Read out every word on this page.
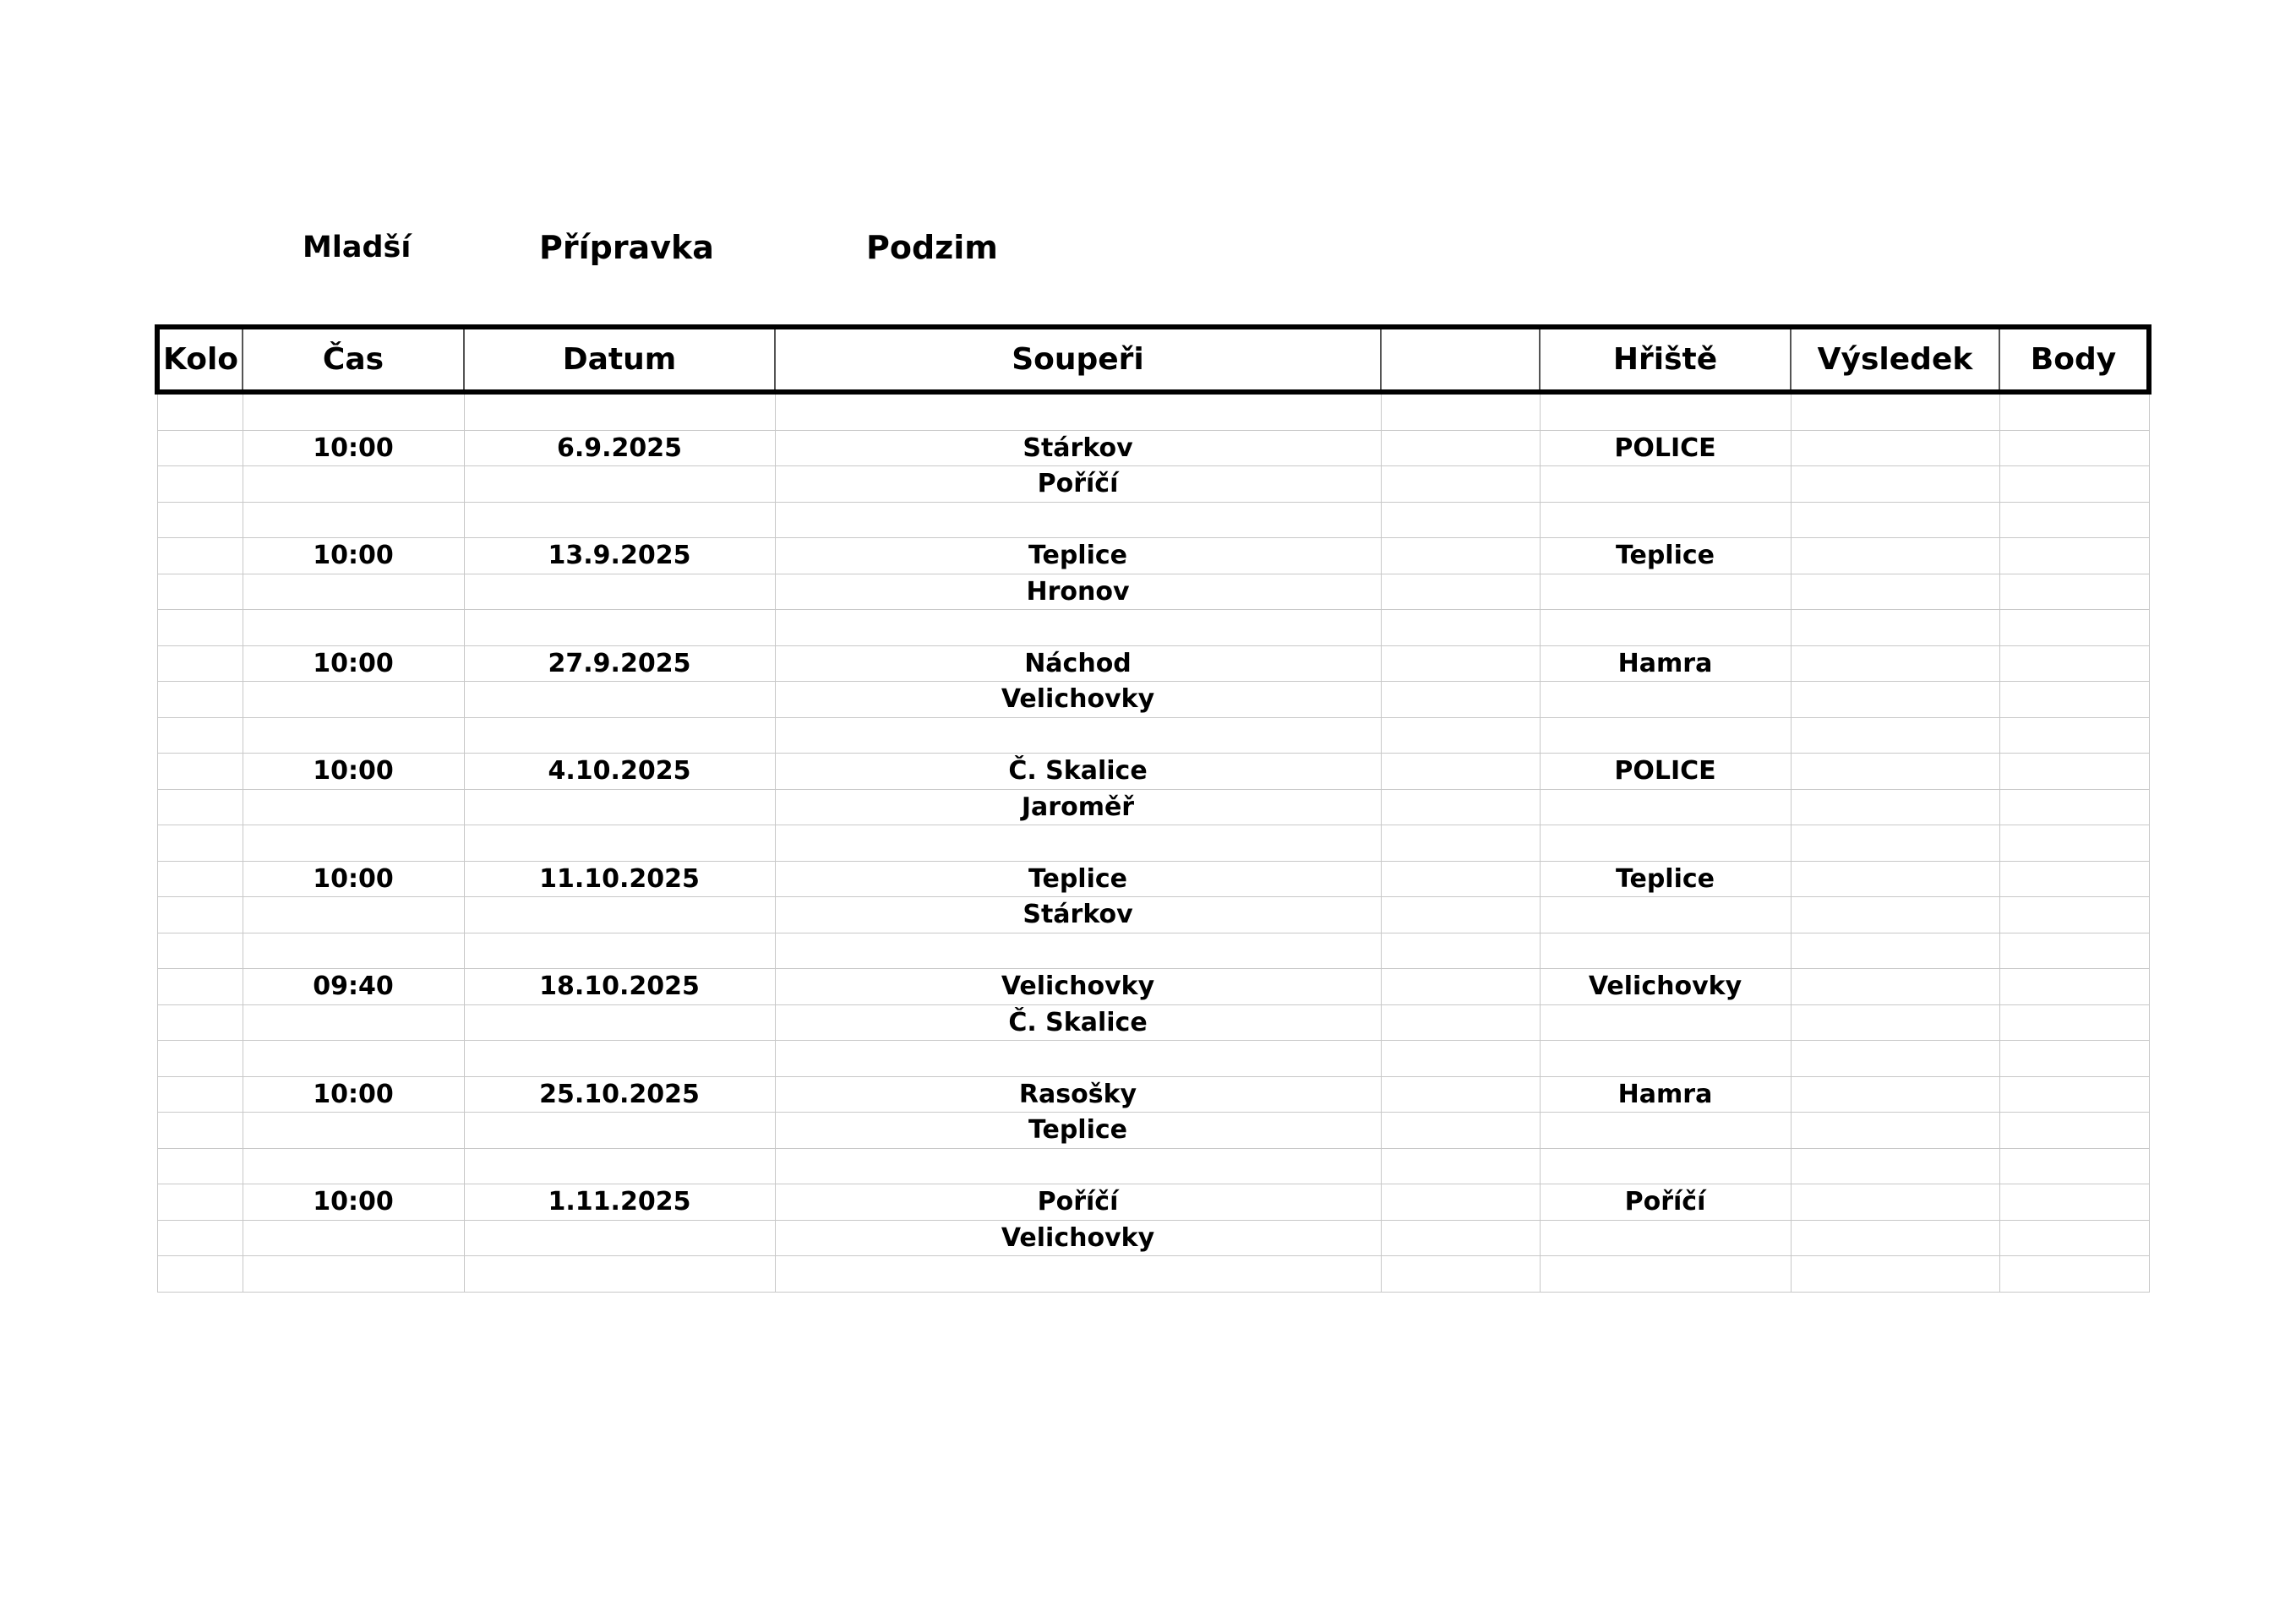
Mladší	Přípravka	Podzim
Kolo	Čas	Datum	Soupeři		Hřiště	Výsledek	Body

	10:00	6.9.2025	Stárkov		POLICE		
			Poříčí				

	10:00	13.9.2025	Teplice		Teplice		
			Hronov				

	10:00	27.9.2025	Náchod		Hamra		
			Velichovky				

	10:00	4.10.2025	Č. Skalice		POLICE		
			Jaroměř				

	10:00	11.10.2025	Teplice		Teplice		
			Stárkov				

	09:40	18.10.2025	Velichovky		Velichovky		
			Č. Skalice				

	10:00	25.10.2025	Rasošky		Hamra		
			Teplice				

	10:00	1.11.2025	Poříčí		Poříčí		
			Velichovky				
